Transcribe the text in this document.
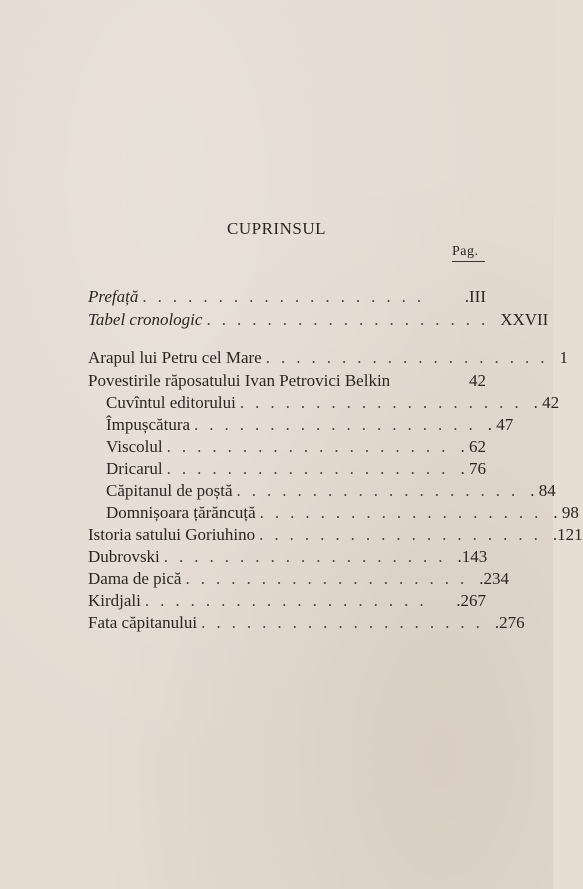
CUPRINSUL
Pag.
Prefață ...................	.III
Tabel cronologic ................... XXVII
Arapul lui Petru cel Mare ................... 1
Povestirile răposatului Ivan Petrovici Belkin	42
Cuvîntul editorului ................... . 42
Împușcătura ................... . 47
Viscolul ................... . 62
Dricarul ................... . 76
Căpitanul de poștă ................... . 84
Domnișoara țărăncuță ................... . 98
Istoria satului Goriuhino ................... .121
Dubrovski ................... .143
Dama de pică ................... .234
Kirdjali ...................	.267
Fata căpitanului ................... .276
